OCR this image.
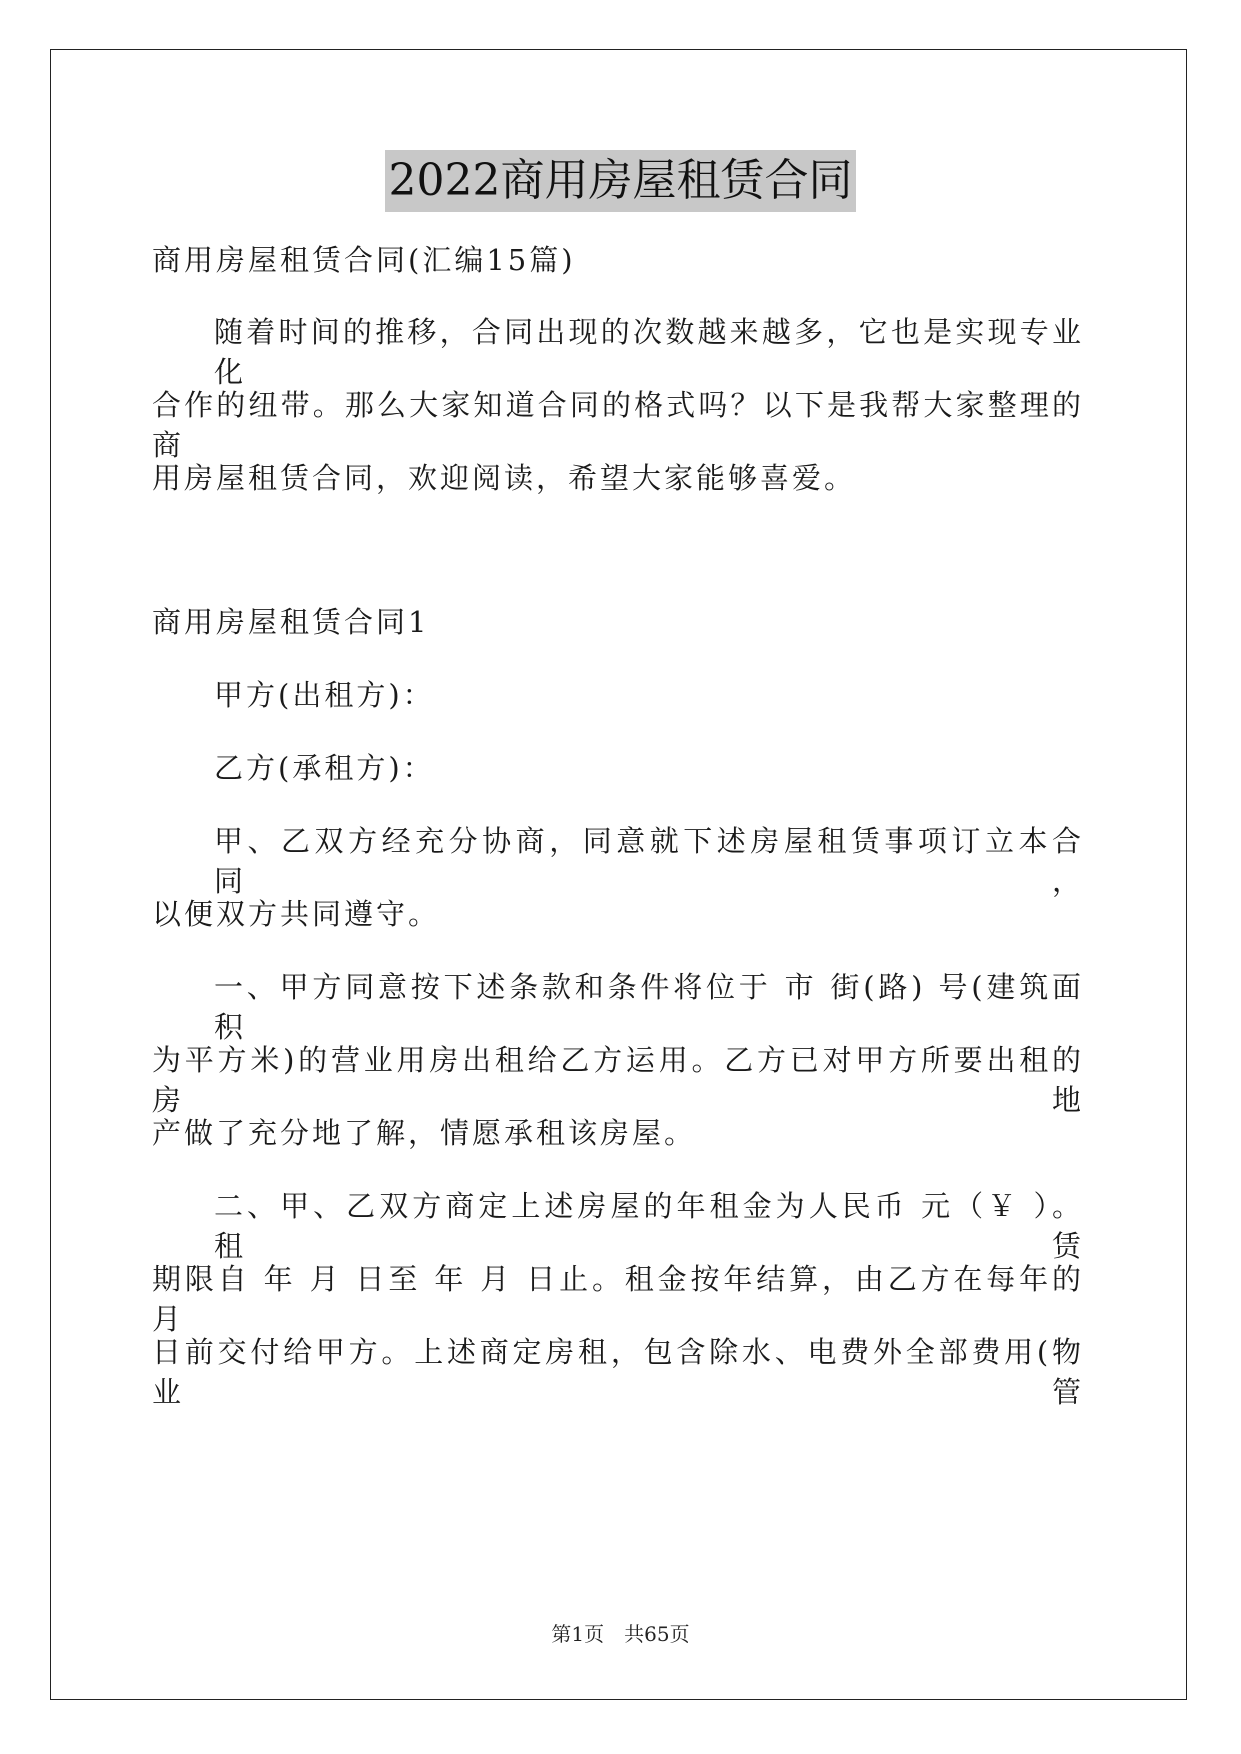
2022商用房屋租赁合同
商用房屋租赁合同(汇编15篇)
随着时间的推移，合同出现的次数越来越多，它也是实现专业化
合作的纽带。那么大家知道合同的格式吗？以下是我帮大家整理的商
用房屋租赁合同，欢迎阅读，希望大家能够喜爱。
商用房屋租赁合同1
甲方(出租方)：
乙方(承租方)：
甲、乙双方经充分协商，同意就下述房屋租赁事项订立本合同，
以便双方共同遵守。
一、甲方同意按下述条款和条件将位于 市 街(路) 号(建筑面积
为平方米)的营业用房出租给乙方运用。乙方已对甲方所要出租的房地
产做了充分地了解，情愿承租该房屋。
二、甲、乙双方商定上述房屋的年租金为人民币 元（￥ ）。租赁
期限自 年 月 日至 年 月 日止。租金按年结算，由乙方在每年的 月
日前交付给甲方。上述商定房租，包含除水、电费外全部费用(物业管
第1页　共65页
